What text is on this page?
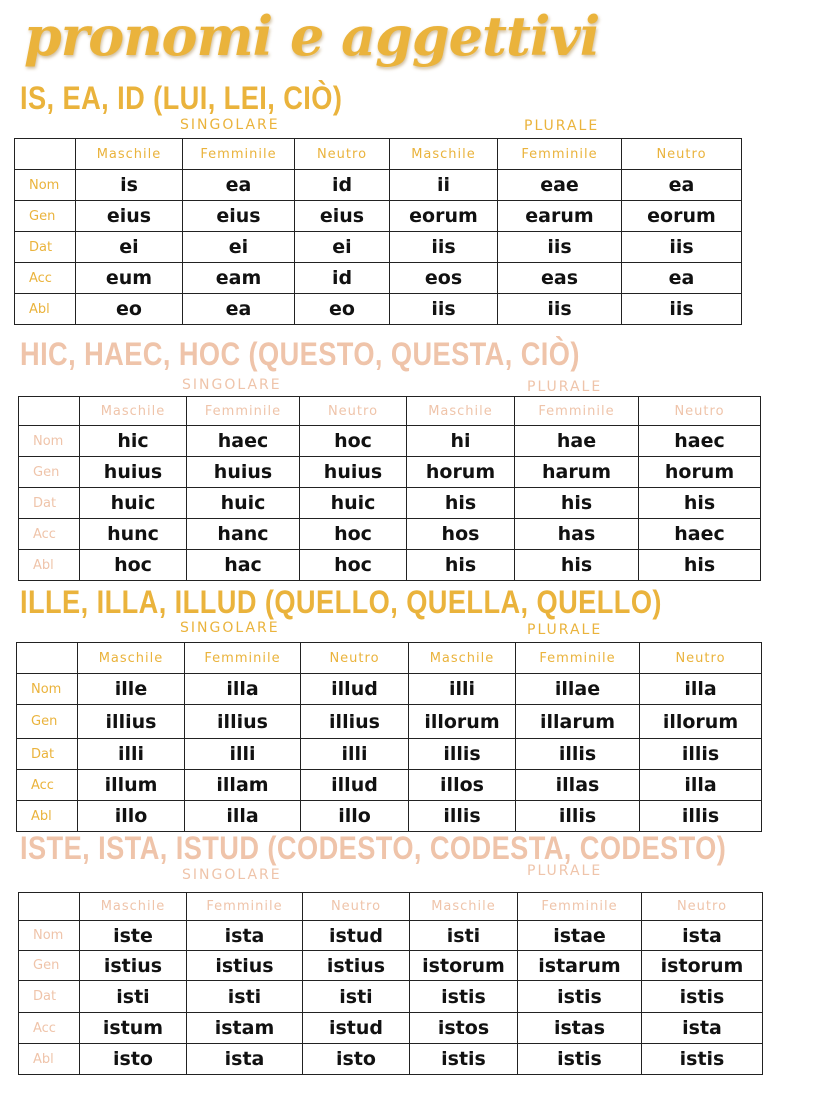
pronomi e aggettivi
IS, EA, ID (LUI, LEI, CIÒ)
SINGOLARE	PLURALE
	Maschile	Femminile	Neutro	Maschile	Femminile	Neutro
Nom	is	ea	id	ii	eae	ea
Gen	eius	eius	eius	eorum	earum	eorum
Dat	ei	ei	ei	iis	iis	iis
Acc	eum	eam	id	eos	eas	ea
Abl	eo	ea	eo	iis	iis	iis
HIC, HAEC, HOC (QUESTO, QUESTA, CIÒ)
SINGOLARE	PLURALE
	Maschile	Femminile	Neutro	Maschile	Femminile	Neutro
Nom	hic	haec	hoc	hi	hae	haec
Gen	huius	huius	huius	horum	harum	horum
Dat	huic	huic	huic	his	his	his
Acc	hunc	hanc	hoc	hos	has	haec
Abl	hoc	hac	hoc	his	his	his
ILLE, ILLA, ILLUD (QUELLO, QUELLA, QUELLO)
SINGOLARE	PLURALE
	Maschile	Femminile	Neutro	Maschile	Femminile	Neutro
Nom	ille	illa	illud	illi	illae	illa
Gen	illius	illius	illius	illorum	illarum	illorum
Dat	illi	illi	illi	illis	illis	illis
Acc	illum	illam	illud	illos	illas	illa
Abl	illo	illa	illo	illis	illis	illis
ISTE, ISTA, ISTUD (CODESTO, CODESTA, CODESTO)
SINGOLARE	PLURALE
	Maschile	Femminile	Neutro	Maschile	Femminile	Neutro
Nom	iste	ista	istud	isti	istae	ista
Gen	istius	istius	istius	istorum	istarum	istorum
Dat	isti	isti	isti	istis	istis	istis
Acc	istum	istam	istud	istos	istas	ista
Abl	isto	ista	isto	istis	istis	istis
